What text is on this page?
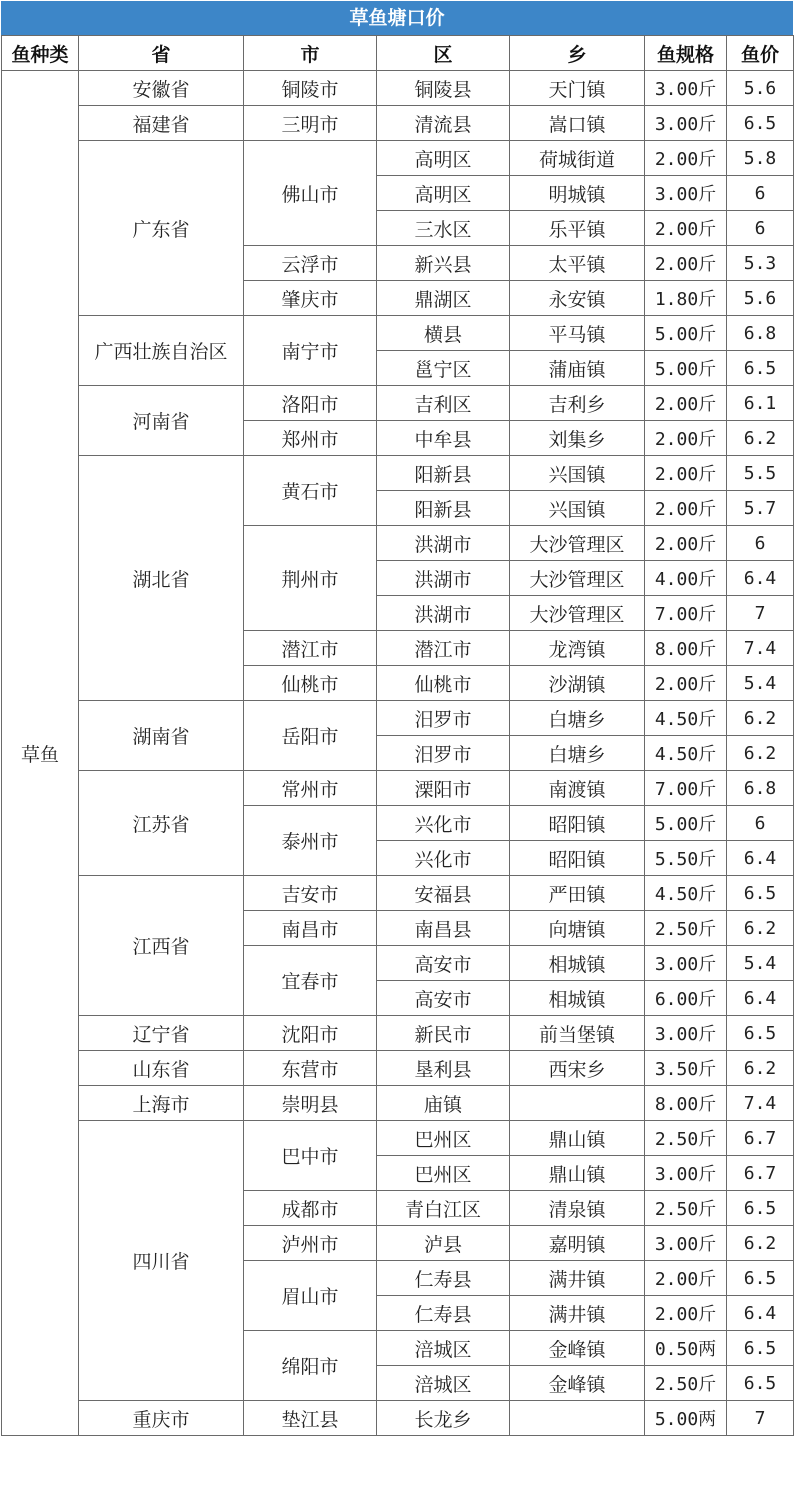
草鱼塘口价
鱼种类	省	市	区	乡	鱼规格	鱼价
草鱼	安徽省	铜陵市	铜陵县	天门镇	3.00斤	5.6
	福建省	三明市	清流县	嵩口镇	3.00斤	6.5
	广东省	佛山市	高明区	荷城街道	2.00斤	5.8
			高明区	明城镇	3.00斤	6
			三水区	乐平镇	2.00斤	6
		云浮市	新兴县	太平镇	2.00斤	5.3
		肇庆市	鼎湖区	永安镇	1.80斤	5.6
	广西壮族自治区	南宁市	横县	平马镇	5.00斤	6.8
			邕宁区	蒲庙镇	5.00斤	6.5
	河南省	洛阳市	吉利区	吉利乡	2.00斤	6.1
		郑州市	中牟县	刘集乡	2.00斤	6.2
	湖北省	黄石市	阳新县	兴国镇	2.00斤	5.5
			阳新县	兴国镇	2.00斤	5.7
		荆州市	洪湖市	大沙管理区	2.00斤	6
			洪湖市	大沙管理区	4.00斤	6.4
			洪湖市	大沙管理区	7.00斤	7
		潜江市	潜江市	龙湾镇	8.00斤	7.4
		仙桃市	仙桃市	沙湖镇	2.00斤	5.4
	湖南省	岳阳市	汨罗市	白塘乡	4.50斤	6.2
			汨罗市	白塘乡	4.50斤	6.2
	江苏省	常州市	溧阳市	南渡镇	7.00斤	6.8
		泰州市	兴化市	昭阳镇	5.00斤	6
			兴化市	昭阳镇	5.50斤	6.4
	江西省	吉安市	安福县	严田镇	4.50斤	6.5
		南昌市	南昌县	向塘镇	2.50斤	6.2
		宜春市	高安市	相城镇	3.00斤	5.4
			高安市	相城镇	6.00斤	6.4
	辽宁省	沈阳市	新民市	前当堡镇	3.00斤	6.5
	山东省	东营市	垦利县	西宋乡	3.50斤	6.2
	上海市	崇明县	庙镇		8.00斤	7.4
	四川省	巴中市	巴州区	鼎山镇	2.50斤	6.7
			巴州区	鼎山镇	3.00斤	6.7
		成都市	青白江区	清泉镇	2.50斤	6.5
		泸州市	泸县	嘉明镇	3.00斤	6.2
		眉山市	仁寿县	满井镇	2.00斤	6.5
			仁寿县	满井镇	2.00斤	6.4
		绵阳市	涪城区	金峰镇	0.50两	6.5
			涪城区	金峰镇	2.50斤	6.5
	重庆市	垫江县	长龙乡		5.00两	7
